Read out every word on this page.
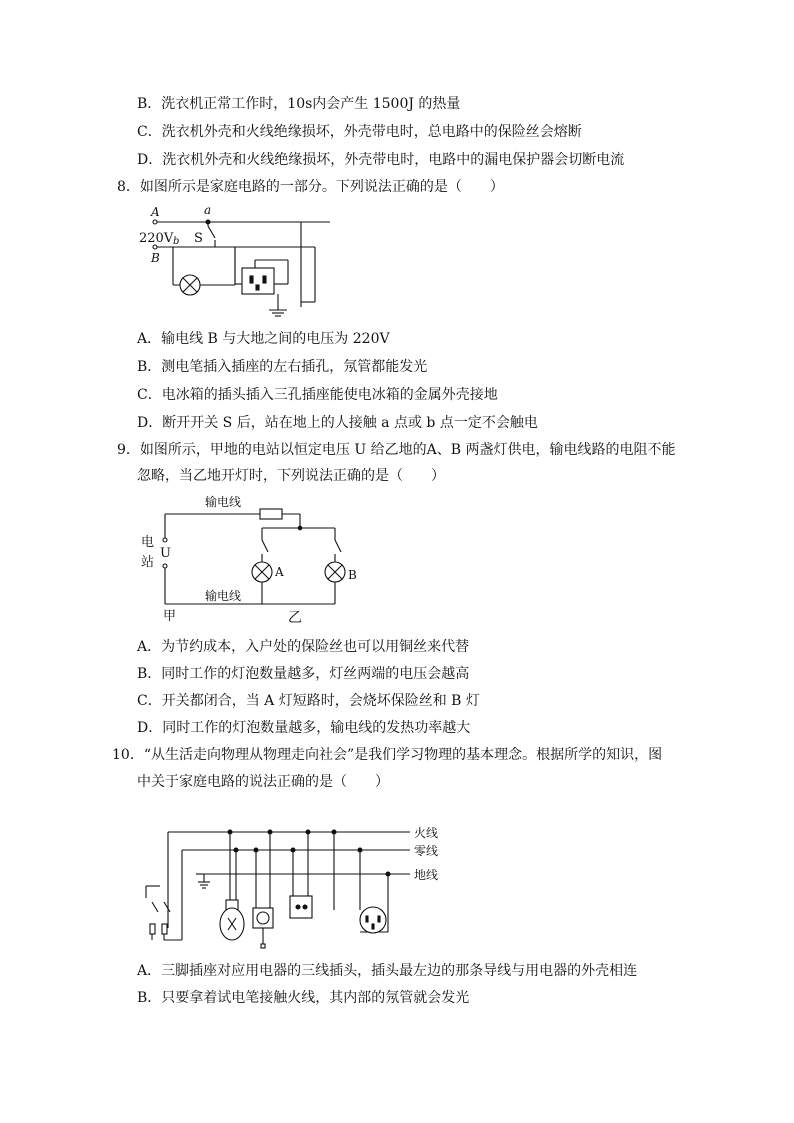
B．洗衣机正常工作时，10s内会产生 1500J 的热量
C．洗衣机外壳和火线绝缘损坏，外壳带电时，总电路中的保险丝会熔断
D．洗衣机外壳和火线绝缘损坏，外壳带电时，电路中的漏电保护器会切断电流
8．如图所示是家庭电路的一部分。下列说法正确的是（　　）
A	a
220V b S
B
A．输电线 B 与大地之间的电压为 220V
B．测电笔插入插座的左右插孔，氖管都能发光
C．电冰箱的插头插入三孔插座能使电冰箱的金属外壳接地
D．断开开关 S 后，站在地上的人接触 a 点或 b 点一定不会触电
9．如图所示，甲地的电站以恒定电压 U 给乙地的A、B 两盏灯供电，输电线路的电阻不能
忽略，当乙地开灯时，下列说法正确的是（　　）
输电线
输电线
电
U
站
甲	乙
A	B
A．为节约成本，入户处的保险丝也可以用铜丝来代替
B．同时工作的灯泡数量越多，灯丝两端的电压会越高
C．开关都闭合，当 A 灯短路时，会烧坏保险丝和 B 灯
D．同时工作的灯泡数量越多，输电线的发热功率越大
10．“从生活走向物理从物理走向社会”是我们学习物理的基本理念。根据所学的知识，图
中关于家庭电路的说法正确的是（　　）
火线
零线
地线
A．三脚插座对应用电器的三线插头，插头最左边的那条导线与用电器的外壳相连
B．只要拿着试电笔接触火线，其内部的氖管就会发光
